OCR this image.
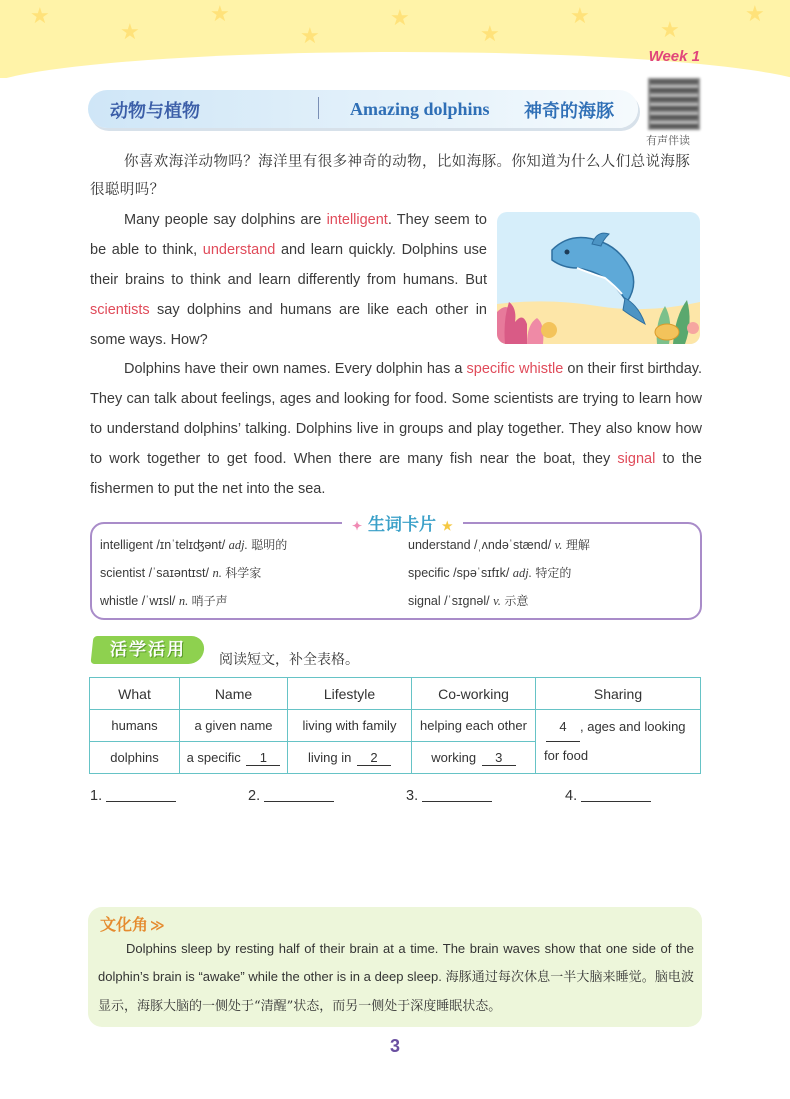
★
★
★
★
★
★
★
★
★
Week 1
动物与植物	Amazing dolphins 神奇的海豚
有声伴读

你喜欢海洋动物吗？海洋里有很多神奇的动物，比如海豚。你知道为什么人们总说海豚很聪明吗？

Many people say dolphins are intelligent. They seem to be able to think, understand and learn quickly. Dolphins use their brains to think and learn differently from humans. But scientists say dolphins and humans are like each other in some ways. How?

Dolphins have their own names. Every dolphin has a specific whistle on their first birthday. They can talk about feelings, ages and looking for food. Some scientists are trying to learn how to understand dolphins’ talking. Dolphins live in groups and play together. They also know how to work together to get food. When there are many fish near the boat, they signal to the fishermen to put the net into the sea.

intelligent /ɪnˈtelɪʤənt/ adj. 聪明的	understand /ˌʌndəˈstænd/ v. 理解
scientist /ˈsaɪəntɪst/ n. 科学家	specific /spəˈsɪfɪk/ adj. 特定的
whistle /ˈwɪsl/ n. 哨子声	signal /ˈsɪgnəl/ v. 示意
✦ 生词卡片 ★
活学活用	阅读短文，补全表格。
What	Name	Lifestyle	Co-working	Sharing
humans	a given name	living with family	helping each other	4 , ages and looking
for food
dolphins	a specific 1	living in 2	working 3	
1.	2.	3.	4.
文化角 ≫

Dolphins sleep by resting half of their brain at a time. The brain waves show that one side of the dolphin’s brain is “awake” while the other is in a deep sleep. 海豚通过每次休息一半大脑来睡觉。脑电波显示，海豚大脑的一侧处于“清醒”状态，而另一侧处于深度睡眠状态。

3
